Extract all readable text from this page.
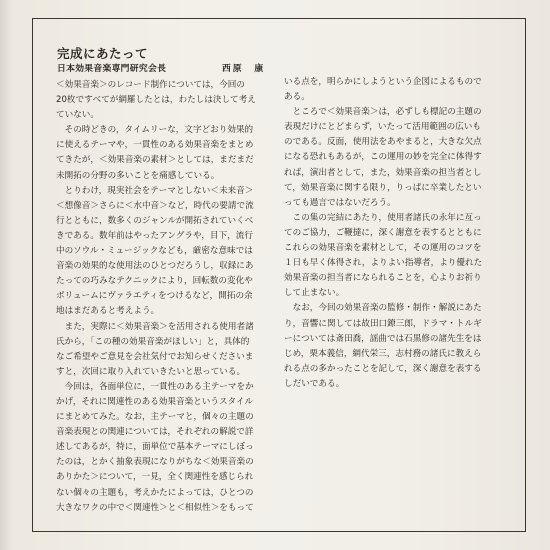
完成にあたって
日本効果音楽専門研究会長	西原　康

＜効果音楽＞のレコード制作については，今回の

20枚ですべてが網羅したとは，わたしは決して考え

ていない。

　その時どきの，タイムリーな，文字どおり効果的

に使えるテーマや，一貫性のある効果音楽をまとめ

てきたが，＜効果音楽の素材＞としては，まだまだ

未開拓の分野の多いことを痛感している。

　とりわけ，現実社会をテーマとしない＜未来音＞

＜想像音＞さらに＜水中音＞など，時代の要請で流

行とともに，数多くのジャンルが開拓されていくべ

きである。数年前はやったアングラや，目下，流行

中のソウル・ミュージックなども，厳密な意味では

音楽の効果的な使用法のひとつだろうし，収録にあ

たっての巧みなテクニックにより，回転数の変化や

ボリュームにヴァラエティをつけるなど，開拓の余

地はまだあると考えよう。

　また，実際に＜効果音楽＞を活用される使用者諸

氏から，「この種の効果音楽がほしい」と，具体的

なご希望やご意見を会社気付でお知らせくださいま

すと，次回に取り入れていきたいと思っている。

　今回は，各面単位に，一貫性のある主テーマをか

かげ，それに関連性のある効果音楽というスタイル

にまとめてみた。なお，主テーマと，個々の主題の

音楽表現との関連については，それぞれの解説で詳

述してあるが，特に，面単位で基本テーマにしぼっ

たのは，とかく抽象表現になりがちな＜効果音楽の

ありかた＞について，一見，全く関連性を感じられ

ない個々の主題も，考えかたによっては，ひとつの

大きなワクの中で＜関連性＞と＜相似性＞をもって

いる点を，明らかにしようという企図によるもので

ある。

　ところで＜効果音楽＞は，必ずしも標記の主題の

表現だけにとどまらず，いたって活用範囲の広いも

のである。反面，使用法をあやまると，大きな欠点

になる恐れもあるが，この運用の妙を完全に体得す

れば，演出者として，また，効果音楽の担当者とし

て，効果音楽に関する限り，りっぱに卒業したとい

っても過言ではないだろう。

　この集の完結にあたり，使用者諸氏の永年に亙っ

てのご協力，ご鞭撻に，深く謝意を表するとともに

これらの効果音楽を素材として，その運用のコツを

１日も早く体得され，よりよい指導者，より優れた

効果音楽の担当者になられることを，心よりお祈り

して止まない。

　なお，今回の効果音楽の監修・制作・解説にあた

り，音響に関しては故田口鐐三郎，ドラマ・トルギ

ーについては斎田喬，謡曲では石黒修の諸先生をは

じめ，栗本義信，網代栄三，志村務の諸氏に教えら

れる点の多かったことを記して，深く謝意を表する

しだいである。
